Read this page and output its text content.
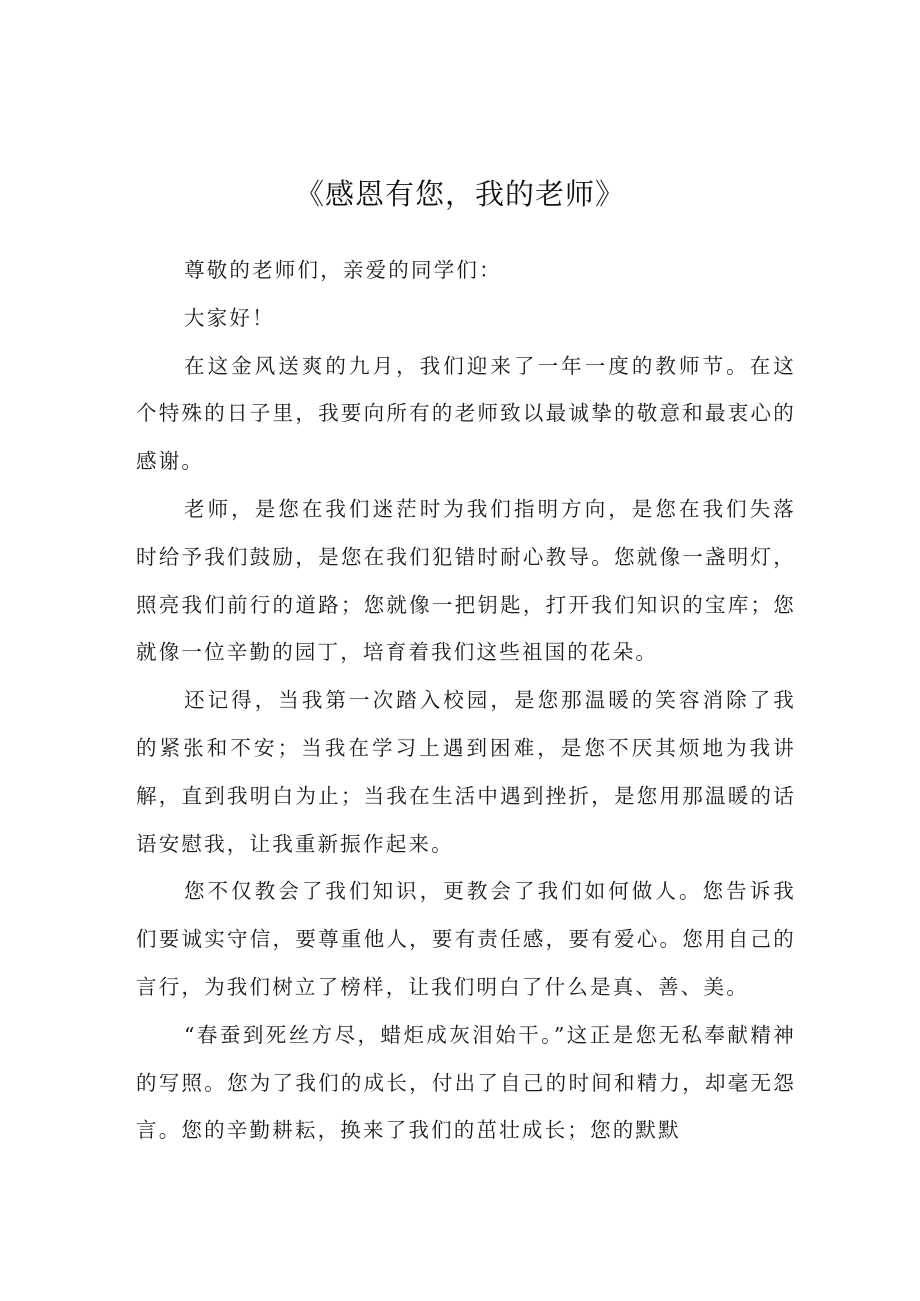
《感恩有您，我的老师》

尊敬的老师们，亲爱的同学们：

大家好！

在这金风送爽的九月，我们迎来了一年一度的教师节。在这个特殊的日子里，我要向所有的老师致以最诚挚的敬意和最衷心的感谢。

老师，是您在我们迷茫时为我们指明方向，是您在我们失落时给予我们鼓励，是您在我们犯错时耐心教导。您就像一盏明灯，照亮我们前行的道路；您就像一把钥匙，打开我们知识的宝库；您就像一位辛勤的园丁，培育着我们这些祖国的花朵。

还记得，当我第一次踏入校园，是您那温暖的笑容消除了我的紧张和不安；当我在学习上遇到困难，是您不厌其烦地为我讲解，直到我明白为止；当我在生活中遇到挫折，是您用那温暖的话语安慰我，让我重新振作起来。

您不仅教会了我们知识，更教会了我们如何做人。您告诉我们要诚实守信，要尊重他人，要有责任感，要有爱心。您用自己的言行，为我们树立了榜样，让我们明白了什么是真、善、美。

“春蚕到死丝方尽，蜡炬成灰泪始干。”这正是您无私奉献精神的写照。您为了我们的成长，付出了自己的时间和精力，却毫无怨言。您的辛勤耕耘，换来了我们的茁壮成长；您的默默
